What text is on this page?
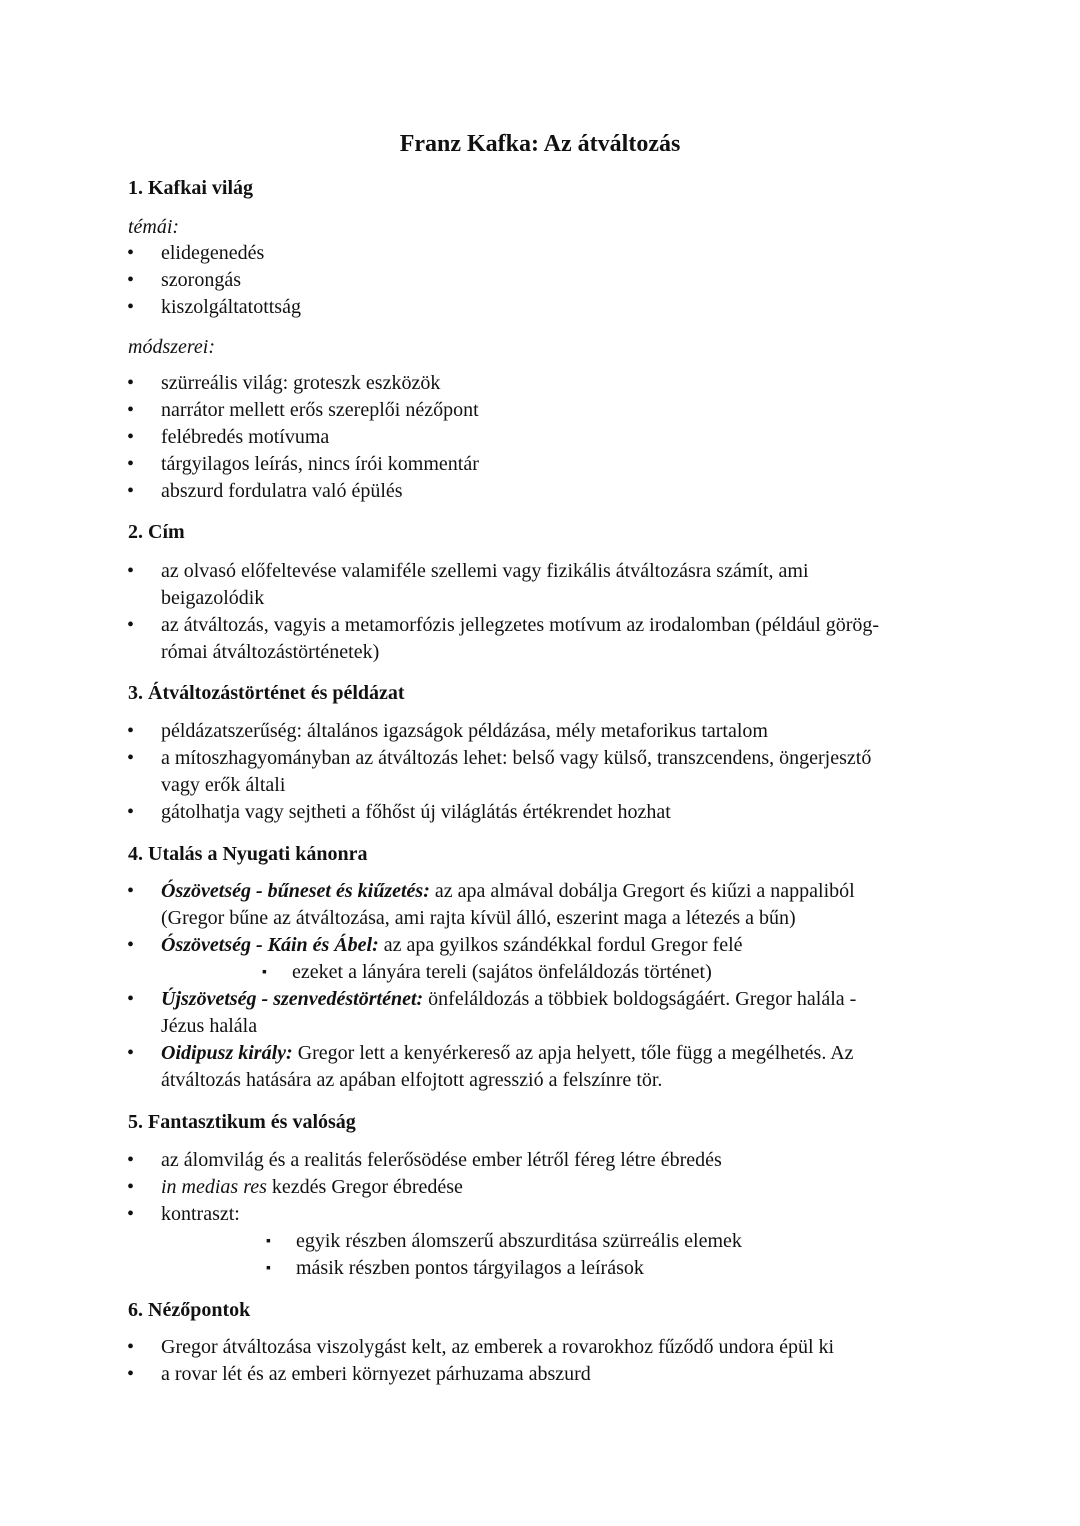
Franz Kafka: Az átváltozás
1. Kafkai világ
témái:
• elidegenedés
• szorongás
• kiszolgáltatottság
módszerei:
• szürreális világ: groteszk eszközök
• narrátor mellett erős szereplői nézőpont
• felébredés motívuma
• tárgyilagos leírás, nincs írói kommentár
• abszurd fordulatra való épülés
2. Cím
• az olvasó előfeltevése valamiféle szellemi vagy fizikális átváltozásra számít, ami
beigazolódik
• az átváltozás, vagyis a metamorfózis jellegzetes motívum az irodalomban (például görög-
római átváltozástörténetek)
3. Átváltozástörténet és példázat
• példázatszerűség: általános igazságok példázása, mély metaforikus tartalom
• a mítoszhagyományban az átváltozás lehet: belső vagy külső, transzcendens, öngerjesztő
vagy erők általi
• gátolhatja vagy sejtheti a főhőst új világlátás értékrendet hozhat
4. Utalás a Nyugati kánonra
• Ószövetség - bűneset és kiűzetés: az apa almával dobálja Gregort és kiűzi a nappaliból
(Gregor bűne az átváltozása, ami rajta kívül álló, eszerint maga a létezés a bűn)
• Ószövetség - Káin és Ábel: az apa gyilkos szándékkal fordul Gregor felé
▪ ezeket a lányára tereli (sajátos önfeláldozás történet)
• Újszövetség - szenvedéstörténet: önfeláldozás a többiek boldogságáért. Gregor halála -
Jézus halála
• Oidipusz király: Gregor lett a kenyérkereső az apja helyett, tőle függ a megélhetés. Az
átváltozás hatására az apában elfojtott agresszió a felszínre tör.
5. Fantasztikum és valóság
• az álomvilág és a realitás felerősödése ember létről féreg létre ébredés
• in medias res kezdés Gregor ébredése
• kontraszt:
▪ egyik részben álomszerű abszurditása szürreális elemek
▪ másik részben pontos tárgyilagos a leírások
6. Nézőpontok
• Gregor átváltozása viszolygást kelt, az emberek a rovarokhoz fűződő undora épül ki
• a rovar lét és az emberi környezet párhuzama abszurd
